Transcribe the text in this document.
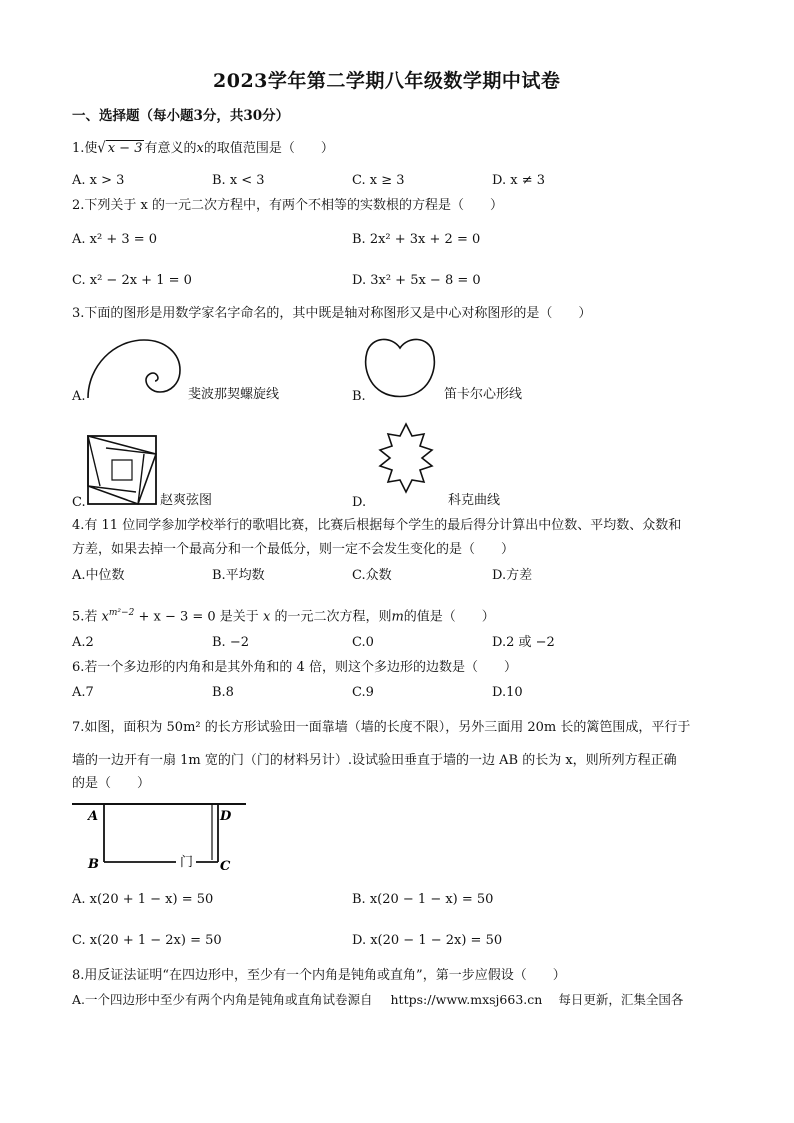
2023学年第二学期八年级数学期中试卷
一、选择题（每小题3分，共30分）
1.使√ x − 3 有意义的x的取值范围是（　　）
A. x > 3	B. x < 3	C. x ≥ 3	D. x ≠ 3
2.下列关于 x 的一元二次方程中，有两个不相等的实数根的方程是（　　）
A. x² + 3 = 0	B. 2x² + 3x + 2 = 0
C. x² − 2x + 1 = 0	D. 3x² + 5x − 8 = 0
3.下面的图形是用数学家名字命名的，其中既是轴对称图形又是中心对称图形的是（　　）
A.	斐波那契螺旋线	B.	笛卡尔心形线
C.	赵爽弦图	D.	科克曲线
4.有 11 位同学参加学校举行的歌唱比赛，比赛后根据每个学生的最后得分计算出中位数、平均数、众数和
方差，如果去掉一个最高分和一个最低分，则一定不会发生变化的是（　　）
A.中位数	B.平均数	C.众数	D.方差
5.若 $x^{m^2-2} + x - 3 = 0$ 是关于 x 的一元二次方程，则m的值是（　　）
A.2	B. −2	C.0	D.2 或 −2
6.若一个多边形的内角和是其外角和的 4 倍，则这个多边形的边数是（　　）
A.7	B.8	C.9	D.10
7.如图，面积为 50m² 的长方形试验田一面靠墙（墙的长度不限），另外三面用 20m 长的篱笆围成，平行于
墙的一边开有一扇 1m 宽的门（门的材料另计）.设试验田垂直于墙的一边 AB 的长为 x，则所列方程正确
的是（　　）
A
B	C
D
门
A. x(20 + 1 − x) = 50	B. x(20 − 1 − x) = 50
C. x(20 + 1 − 2x) = 50	D. x(20 − 1 − 2x) = 50
8.用反证法证明“在四边形中，至少有一个内角是钝角或直角”，第一步应假设（　　）
A.一个四边形中至少有两个内角是钝角或直角试卷源自 https://www.mxsj663.cn 每日更新，汇集全国各
